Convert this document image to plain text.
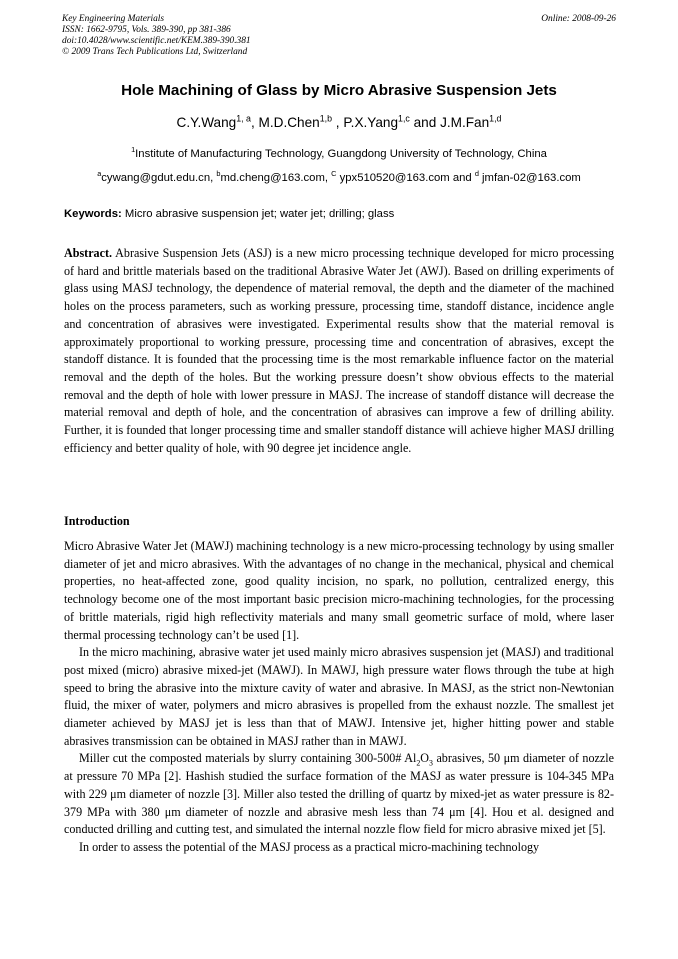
Key Engineering Materials
ISSN: 1662-9795, Vols. 389-390, pp 381-386
doi:10.4028/www.scientific.net/KEM.389-390.381
© 2009 Trans Tech Publications Ltd, Switzerland
Online: 2008-09-26
Hole Machining of Glass by Micro Abrasive Suspension Jets
C.Y.Wang$^{1, a}$, M.D.Chen$^{1,b}$ , P.X.Yang$^{1,c}$ and J.M.Fan$^{1,d}$
$^1$Institute of Manufacturing Technology, Guangdong University of Technology, China
$^a$cywang@gdut.edu.cn, $^b$md.cheng@163.com, $^C$ ypx510520@163.com and $^d$ jmfan-02@163.com
Keywords: Micro abrasive suspension jet; water jet; drilling; glass
Abstract. Abrasive Suspension Jets (ASJ) is a new micro processing technique developed for micro processing of hard and brittle materials based on the traditional Abrasive Water Jet (AWJ). Based on drilling experiments of glass using MASJ technology, the dependence of material removal, the depth and the diameter of the machined holes on the process parameters, such as working pressure, processing time, standoff distance, incidence angle and concentration of abrasives were investigated. Experimental results show that the material removal is approximately proportional to working pressure, processing time and concentration of abrasives, except the standoff distance. It is founded that the processing time is the most remarkable influence factor on the material removal and the depth of the holes. But the working pressure doesn’t show obvious effects to the material removal and the depth of hole with lower pressure in MASJ. The increase of standoff distance will decrease the material removal and depth of hole, and the concentration of abrasives can improve a few of drilling ability. Further, it is founded that longer processing time and smaller standoff distance will achieve higher MASJ drilling efficiency and better quality of hole, with 90 degree jet incidence angle.
Introduction

Micro Abrasive Water Jet (MAWJ) machining technology is a new micro-processing technology by using smaller diameter of jet and micro abrasives. With the advantages of no change in the mechanical, physical and chemical properties, no heat-affected zone, good quality incision, no spark, no pollution, centralized energy, this technology become one of the most important basic precision micro-machining technologies, for the processing of brittle materials, rigid high reflectivity materials and many small geometric surface of mold, where laser thermal processing technology can’t be used [1].

In the micro machining, abrasive water jet used mainly micro abrasives suspension jet (MASJ) and traditional post mixed (micro) abrasive mixed-jet (MAWJ). In MAWJ, high pressure water flows through the tube at high speed to bring the abrasive into the mixture cavity of water and abrasive. In MASJ, as the strict non-Newtonian fluid, the mixer of water, polymers and micro abrasives is propelled from the exhaust nozzle. The smallest jet diameter achieved by MASJ jet is less than that of MAWJ. Intensive jet, higher hitting power and stable abrasives transmission can be obtained in MASJ rather than in MAWJ.

Miller cut the composted materials by slurry containing 300-500# $Al_2O_3$ abrasives, 50 μm diameter of nozzle at pressure 70 MPa [2]. Hashish studied the surface formation of the MASJ as water pressure is 104-345 MPa with 229 μm diameter of nozzle [3]. Miller also tested the drilling of quartz by mixed-jet as water pressure is 82-379 MPa with 380 μm diameter of nozzle and abrasive mesh less than 74 μm [4]. Hou et al. designed and conducted drilling and cutting test, and simulated the internal nozzle flow field for micro abrasive mixed jet [5].

In order to assess the potential of the MASJ process as a practical micro-machining technology
